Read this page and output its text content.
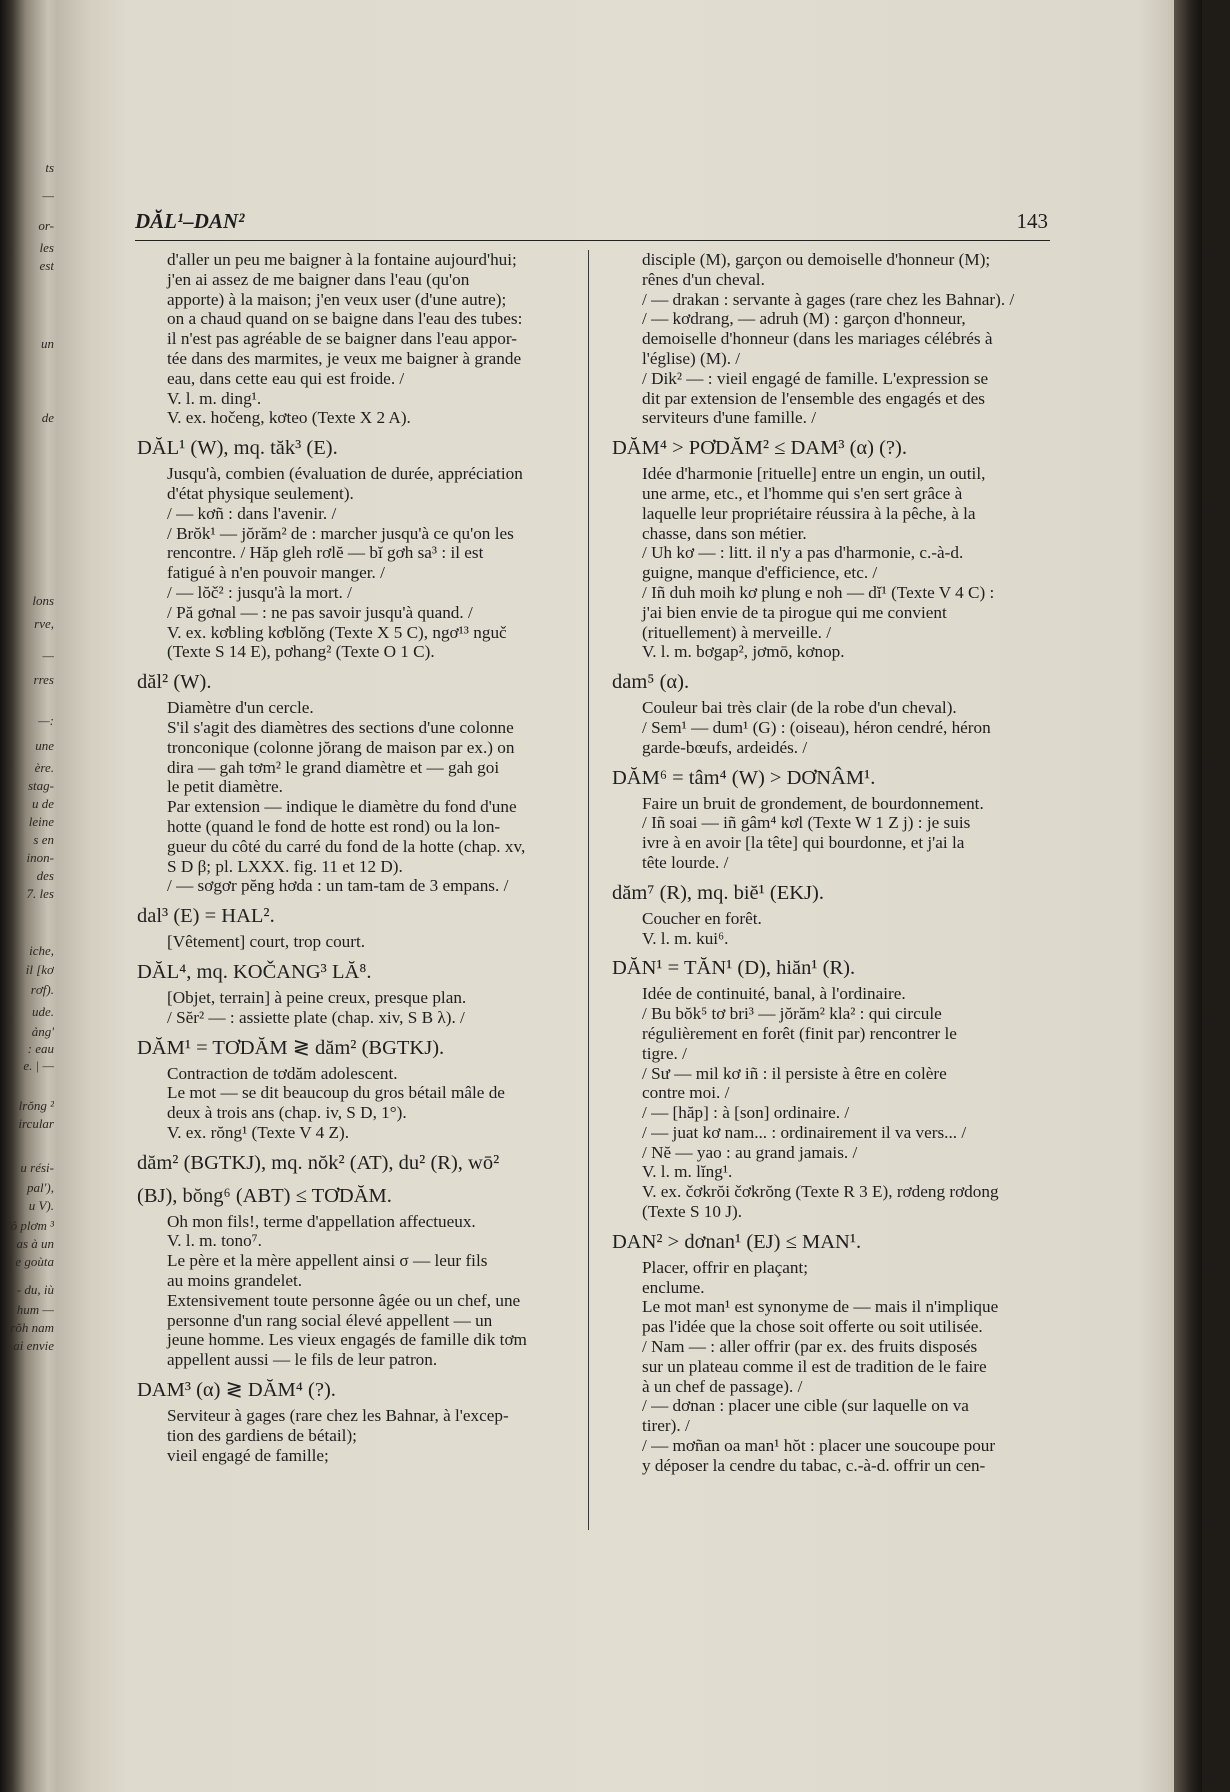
ts
—
or-
les
est
un
de
lons
rve,
—
rres
—:
une
ère.
stag-
u de
leine
s en
inon-
des
7. les
iche,
ỉl [kơ
rơf).
ude.
ảng'
: eau
e. | —
lrŏng ²
ircular
u rési-
pal'),
u V).
'ô plơm ³
as à un
e goùta
- du, iù
hum —
rŏh nam
ai envie
DĂL¹–DAN²	143
d'aller un peu me baigner à la fontaine aujourd'hui;
j'en ai assez de me baigner dans l'eau (qu'on
apporte) à la maison; j'en veux user (d'une autre);
on a chaud quand on se baigne dans l'eau des tubes:
il n'est pas agréable de se baigner dans l'eau appor-
tée dans des marmites, je veux me baigner à grande
eau, dans cette eau qui est froide. /
V. l. m. ding¹.
V. ex. hočeng, kơteo (Texte X 2 A).
DĂL¹ (W), mq. tăk³ (E).
Jusqu'à, combien (évaluation de durée, appréciation
d'état physique seulement).
/ — kơñ : dans l'avenir. /
/ Brŏk¹ — jŏrăm² de : marcher jusqu'à ce qu'on les
rencontre. / Hăp gleh rơlĕ — bĭ gơh sa³ : il est
fatigué à n'en pouvoir manger. /
/ — lŏč² : jusqu'à la mort. /
/ Pă gơnal — : ne pas savoir jusqu'à quand. /
V. ex. kơbling kơblŏng (Texte X 5 C), ngơ¹³ nguč
(Texte S 14 E), pơhang² (Texte O 1 C).
dăl² (W).
Diamètre d'un cercle.
S'il s'agit des diamètres des sections d'une colonne
tronconique (colonne jŏrang de maison par ex.) on
dira — gah tơm² le grand diamètre et — gah goi
le petit diamètre.
Par extension — indique le diamètre du fond d'une
hotte (quand le fond de hotte est rond) ou la lon-
gueur du côté du carré du fond de la hotte (chap. xv,
S D β; pl. LXXX. fig. 11 et 12 D).
/ — sơgơr pĕng hơda : un tam-tam de 3 empans. /
dal³ (E) = HAL².
[Vêtement] court, trop court.
DĂL⁴, mq. KOČANG³ LĂ⁸.
[Objet, terrain] à peine creux, presque plan.
/ Sĕr² — : assiette plate (chap. xiv, S B λ). /
DĂM¹ = TƠDĂM ≷ dăm² (BGTKJ).
Contraction de tơdăm adolescent.
Le mot — se dit beaucoup du gros bétail mâle de
deux à trois ans (chap. iv, S D, 1°).
V. ex. rŏng¹ (Texte V 4 Z).
dăm² (BGTKJ), mq. nŏk² (AT), du² (R), wō²
(BJ), bŏng⁶ (ABT) ≤ TƠDĂM.
Oh mon fils!, terme d'appellation affectueux.
V. l. m. tono⁷.
Le père et la mère appellent ainsi σ — leur fils
au moins grandelet.
Extensivement toute personne âgée ou un chef, une
personne d'un rang social élevé appellent — un
jeune homme. Les vieux engagés de famille dik tơm
appellent aussi — le fils de leur patron.
DAM³ (α) ≷ DĂM⁴ (?).
Serviteur à gages (rare chez les Bahnar, à l'excep-
tion des gardiens de bétail);
vieil engagé de famille;
disciple (M), garçon ou demoiselle d'honneur (M);
rênes d'un cheval.
/ — drakan : servante à gages (rare chez les Bahnar). /
/ — kơdrang, — adruh (M) : garçon d'honneur,
demoiselle d'honneur (dans les mariages célébrés à
l'église) (M). /
/ Dik² — : vieil engagé de famille. L'expression se
dit par extension de l'ensemble des engagés et des
serviteurs d'une famille. /
DĂM⁴ > PƠDĂM² ≤ DAM³ (α) (?).
Idée d'harmonie [rituelle] entre un engin, un outil,
une arme, etc., et l'homme qui s'en sert grâce à
laquelle leur propriétaire réussira à la pêche, à la
chasse, dans son métier.
/ Uh kơ — : litt. il n'y a pas d'harmonie, c.-à-d.
guigne, manque d'efficience, etc. /
/ Iñ duh moih kơ plung e noh — dĭ¹ (Texte V 4 C) :
j'ai bien envie de ta pirogue qui me convient
(rituellement) à merveille. /
V. l. m. bơgap², jơmō, kơnop.
dam⁵ (α).
Couleur bai très clair (de la robe d'un cheval).
/ Sem¹ — dum¹ (G) : (oiseau), héron cendré, héron
garde-bœufs, ardeidés. /
DĂM⁶ = tâm⁴ (W) > DƠNÂM¹.
Faire un bruit de grondement, de bourdonnement.
/ Iñ soai — iñ gâm⁴ kơl (Texte W 1 Z j) : je suis
ivre à en avoir [la tête] qui bourdonne, et j'ai la
tête lourde. /
dăm⁷ (R), mq. biĕ¹ (EKJ).
Coucher en forêt.
V. l. m. kui⁶.
DĂN¹ = TĂN¹ (D), hiăn¹ (R).
Idée de continuité, banal, à l'ordinaire.
/ Bu bŏk⁵ tơ bri³ — jŏrăm² kla² : qui circule
régulièrement en forêt (finit par) rencontrer le
tigre. /
/ Sư — mil kơ iñ : il persiste à être en colère
contre moi. /
/ — [hăp] : à [son] ordinaire. /
/ — juat kơ nam... : ordinairement il va vers... /
/ Nĕ — yao : au grand jamais. /
V. l. m. lĭng¹.
V. ex. čơkrŏi čơkrŏng (Texte R 3 E), rơdeng rơdong
(Texte S 10 J).
DAN² > dơnan¹ (EJ) ≤ MAN¹.
Placer, offrir en plaçant;
enclume.
Le mot man¹ est synonyme de — mais il n'implique
pas l'idée que la chose soit offerte ou soit utilisée.
/ Nam — : aller offrir (par ex. des fruits disposés
sur un plateau comme il est de tradition de le faire
à un chef de passage). /
/ — dơnan : placer une cible (sur laquelle on va
tirer). /
/ — mơñan oa man¹ hŏt : placer une soucoupe pour
y déposer la cendre du tabac, c.-à-d. offrir un cen-
